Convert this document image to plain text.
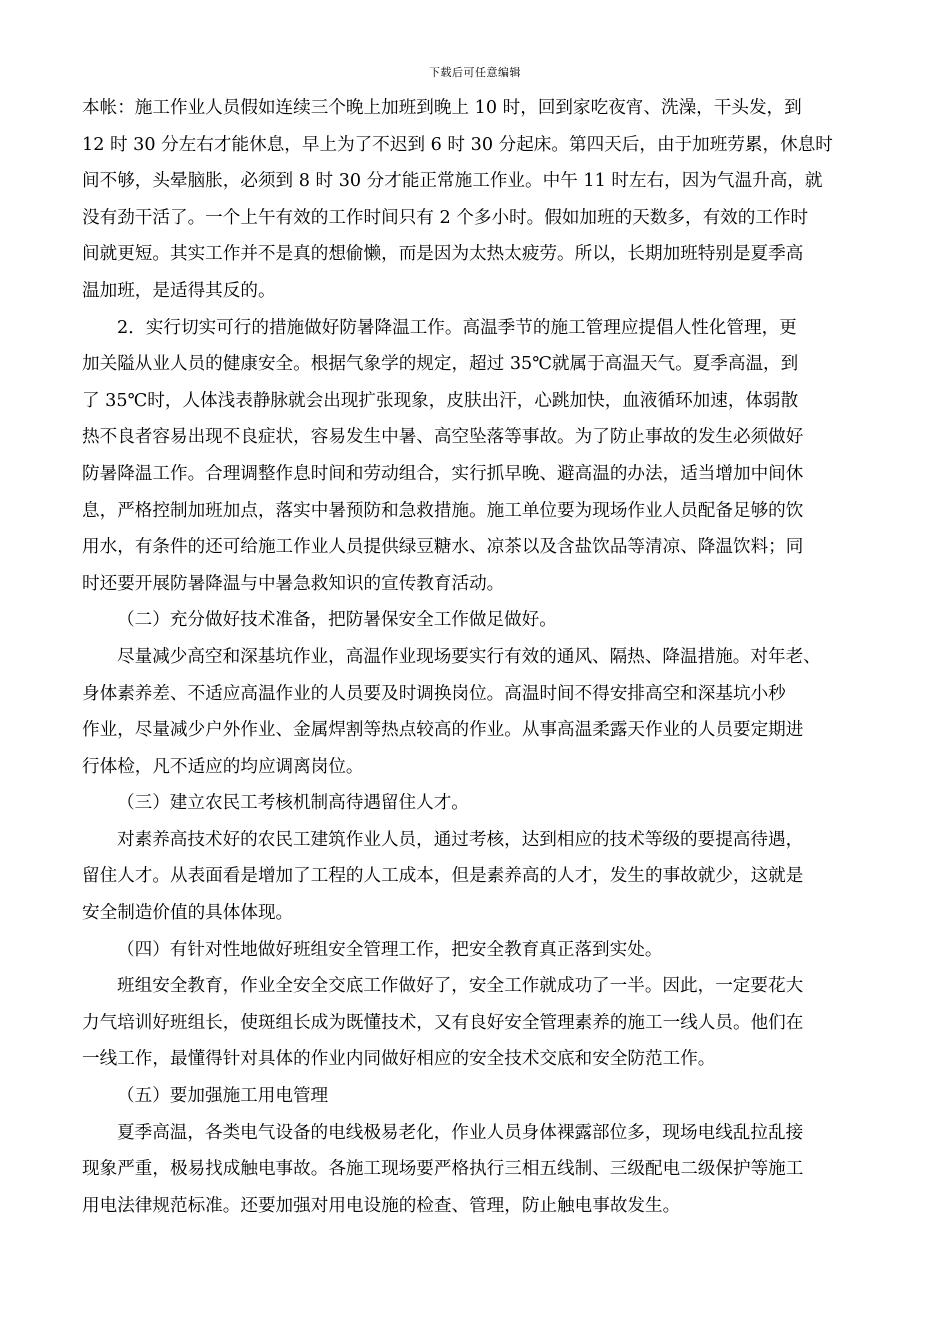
下载后可任意编辑
本帐：施工作业人员假如连续三个晚上加班到晚上 10 时，回到家吃夜宵、洗澡，干头发，到
12 时 30 分左右才能休息，早上为了不迟到 6 时 30 分起床。第四天后，由于加班劳累，休息时
间不够，头晕脑胀，必须到 8 时 30 分才能正常施工作业。中午 11 时左右，因为气温升高，就
没有劲干活了。一个上午有效的工作时间只有 2 个多小时。假如加班的天数多，有效的工作时
间就更短。其实工作并不是真的想偷懒，而是因为太热太疲劳。所以，长期加班特别是夏季高
温加班，是适得其反的。
2．实行切实可行的措施做好防暑降温工作。高温季节的施工管理应提倡人性化管理，更
加关隘从业人员的健康安全。根据气象学的规定，超过 35℃就属于高温天气。夏季高温，到
了 35℃时，人体浅表静脉就会出现扩张现象，皮肤出汗，心跳加快，血液循环加速，体弱散
热不良者容易出现不良症状，容易发生中暑、高空坠落等事故。为了防止事故的发生必须做好
防暑降温工作。合理调整作息时间和劳动组合，实行抓早晚、避高温的办法，适当增加中间休
息，严格控制加班加点，落实中暑预防和急救措施。施工单位要为现场作业人员配备足够的饮
用水，有条件的还可给施工作业人员提供绿豆糖水、凉茶以及含盐饮品等清凉、降温饮料；同
时还要开展防暑降温与中暑急救知识的宣传教育活动。
（二）充分做好技术准备，把防暑保安全工作做足做好。
尽量减少高空和深基坑作业，高温作业现场要实行有效的通风、隔热、降温措施。对年老、
身体素养差、不适应高温作业的人员要及时调换岗位。高温时间不得安排高空和深基坑小秒
作业，尽量减少户外作业、金属焊割等热点较高的作业。从事高温柔露天作业的人员要定期进
行体检，凡不适应的均应调离岗位。
（三）建立农民工考核机制高待遇留住人才。
对素养高技术好的农民工建筑作业人员，通过考核，达到相应的技术等级的要提高待遇，
留住人才。从表面看是增加了工程的人工成本，但是素养高的人才，发生的事故就少，这就是
安全制造价值的具体体现。
（四）有针对性地做好班组安全管理工作，把安全教育真正落到实处。
班组安全教育，作业全安全交底工作做好了，安全工作就成功了一半。因此，一定要花大
力气培训好班组长，使斑组长成为既懂技术，又有良好安全管理素养的施工一线人员。他们在
一线工作，最懂得针对具体的作业内同做好相应的安全技术交底和安全防范工作。
（五）要加强施工用电管理
夏季高温，各类电气设备的电线极易老化，作业人员身体裸露部位多，现场电线乱拉乱接
现象严重，极易找成触电事故。各施工现场要严格执行三相五线制、三级配电二级保护等施工
用电法律规范标准。还要加强对用电设施的检查、管理，防止触电事故发生。
